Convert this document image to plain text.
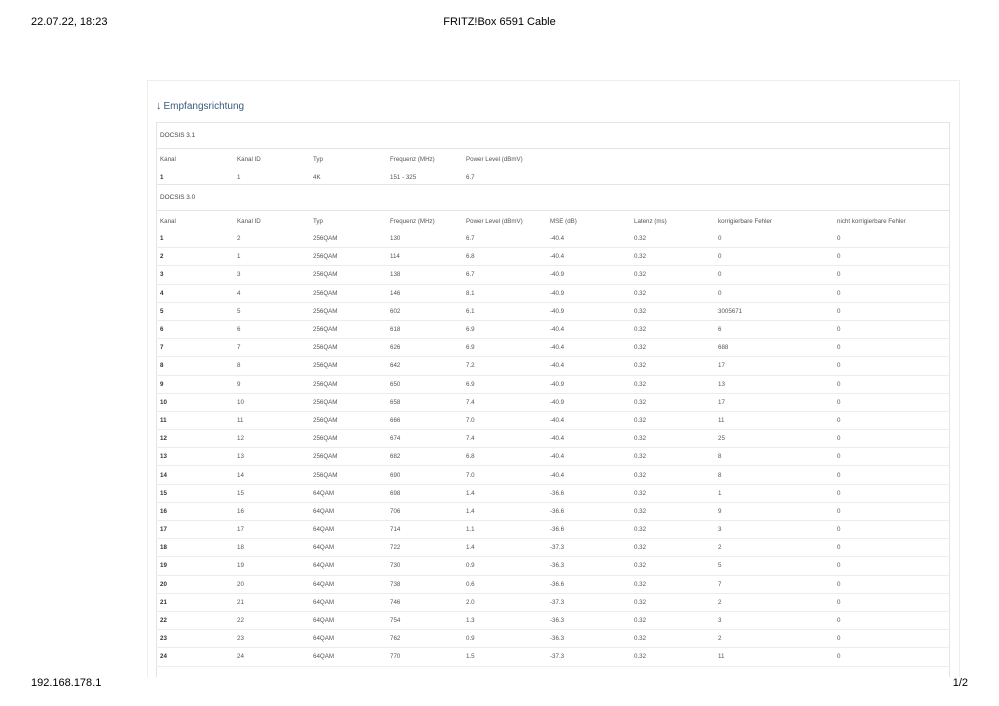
22.07.22, 18:23	FRITZ!Box 6591 Cable
↓ Empfangsrichtung
DOCSIS 3.1
Kanal	Kanal ID	Typ	Frequenz (MHz)	Power Level (dBmV)
1	1	4K	151 - 325	6.7
DOCSIS 3.0
Kanal	Kanal ID	Typ	Frequenz (MHz)	Power Level (dBmV)	MSE (dB)	Latenz (ms)	korrigierbare Fehler	nicht korrigierbare Fehler
1	2	256QAM	130	6.7	-40.4	0.32	0	0
2	1	256QAM	114	6.8	-40.4	0.32	0	0
3	3	256QAM	138	6.7	-40.9	0.32	0	0
4	4	256QAM	146	8.1	-40.9	0.32	0	0
5	5	256QAM	602	6.1	-40.9	0.32	3005671	0
6	6	256QAM	618	6.9	-40.4	0.32	6	0
7	7	256QAM	626	6.9	-40.4	0.32	688	0
8	8	256QAM	642	7.2	-40.4	0.32	17	0
9	9	256QAM	650	6.9	-40.9	0.32	13	0
10	10	256QAM	658	7.4	-40.9	0.32	17	0
11	11	256QAM	666	7.0	-40.4	0.32	11	0
12	12	256QAM	674	7.4	-40.4	0.32	25	0
13	13	256QAM	682	6.8	-40.4	0.32	8	0
14	14	256QAM	690	7.0	-40.4	0.32	8	0
15	15	64QAM	698	1.4	-36.6	0.32	1	0
16	16	64QAM	706	1.4	-36.6	0.32	9	0
17	17	64QAM	714	1.1	-36.6	0.32	3	0
18	18	64QAM	722	1.4	-37.3	0.32	2	0
19	19	64QAM	730	0.9	-36.3	0.32	5	0
20	20	64QAM	738	0.6	-36.6	0.32	7	0
21	21	64QAM	746	2.0	-37.3	0.32	2	0
22	22	64QAM	754	1.3	-36.3	0.32	3	0
23	23	64QAM	762	0.9	-36.3	0.32	2	0
24	24	64QAM	770	1.5	-37.3	0.32	11	0
192.168.178.1	1/2
